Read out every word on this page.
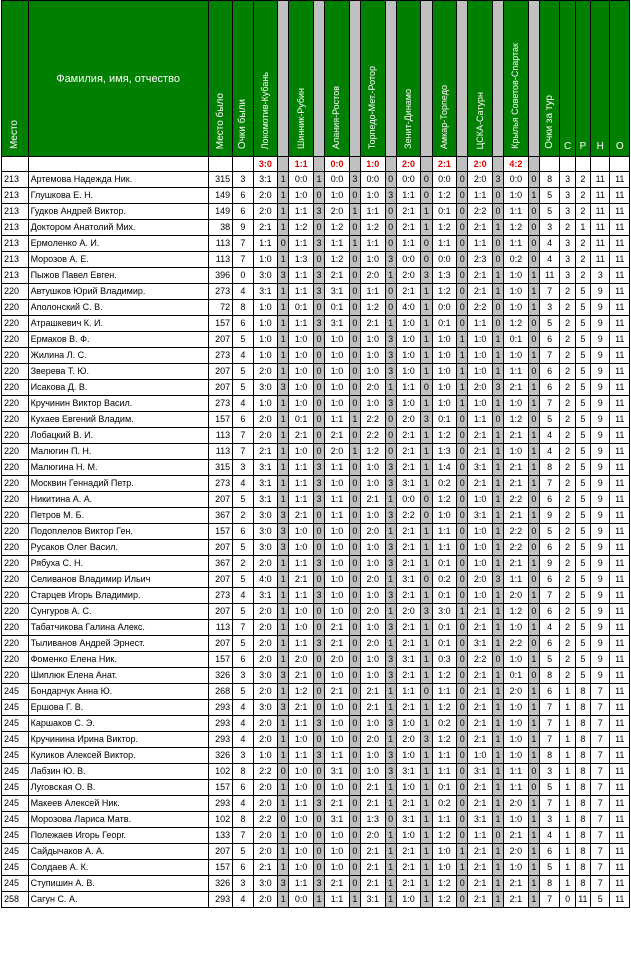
Место	Фамилия, имя, отчество	Место было	Очки были	Локомотив-Кубань		Шинник-Рубин		Алания-Ростов		Торпедо-Мет.-Ротор		Зенит-Динамо		Амкар-Торпедо		ЦСКА-Сатурн		Крылья Советов-Спартак		Очки за тур	С	Р	Н	О
				3:0		1:1		0:0		1:0		2:0		2:1		2:0		4:2						
213	Артемова Надежда Ник.	315	3	3:1	1	0:0	1	0:0	3	0:0	0	0:0	0	0:0	0	2:0	3	0:0	0	8	3	2	11	11
213	Глушкова Е. Н.	149	6	2:0	1	1:0	0	1:0	0	1:0	3	1:1	0	1:2	0	1:1	0	1:0	1	5	3	2	11	11
213	Гудков Андрей Виктор.	149	6	2:0	1	1:1	3	2:0	1	1:1	0	2:1	1	0:1	0	2:2	0	1:1	0	5	3	2	11	11
213	Доктором Анатолий Мих.	38	9	2:1	1	1:2	0	1:2	0	1:2	0	2:1	1	1:2	0	2:1	1	1:2	0	3	2	1	11	11
213	Ермоленко А. И.	113	7	1:1	0	1:1	3	1:1	1	1:1	0	1:1	0	1:1	0	1:1	0	1:1	0	4	3	2	11	11
213	Морозов А. Е.	113	7	1:0	1	1:3	0	1:2	0	1:0	3	0:0	0	0:0	0	2:3	0	0:2	0	4	3	2	11	11
213	Пыжов Павел Евген.	396	0	3:0	3	1:1	3	2:1	0	2:0	1	2:0	3	1:3	0	2:1	1	1:0	1	11	3	2	3	11
220	Автушков Юрий Владимир.	273	4	3:1	1	1:1	3	3:1	0	1:1	0	2:1	1	1:2	0	2:1	1	1:0	1	7	2	5	9	11
220	Аполонский С. В.	72	8	1:0	1	0:1	0	0:1	0	1:2	0	4:0	1	0:0	0	2:2	0	1:0	1	3	2	5	9	11
220	Атрашкевич К. И.	157	6	1:0	1	1:1	3	3:1	0	2:1	1	1:0	1	0:1	0	1:1	0	1:2	0	5	2	5	9	11
220	Ермаков В. Ф.	207	5	1:0	1	1:0	0	1:0	0	1:0	3	1:0	1	1:0	1	1:0	1	0:1	0	6	2	5	9	11
220	Жилина Л. С.	273	4	1:0	1	1:0	0	1:0	0	1:0	3	1:0	1	1:0	1	1:0	1	1:0	1	7	2	5	9	11
220	Зверева Т. Ю.	207	5	2:0	1	1:0	0	1:0	0	1:0	3	1:0	1	1:0	1	1:0	1	1:1	0	6	2	5	9	11
220	Исакова Д. В.	207	5	3:0	3	1:0	0	1:0	0	2:0	1	1:1	0	1:0	1	2:0	3	2:1	1	6	2	5	9	11
220	Кручинин Виктор Васил.	273	4	1:0	1	1:0	0	1:0	0	1:0	3	1:0	1	1:0	1	1:0	1	1:0	1	7	2	5	9	11
220	Кухаев Евгений Владим.	157	6	2:0	1	0:1	0	1:1	1	2:2	0	2:0	3	0:1	0	1:1	0	1:2	0	5	2	5	9	11
220	Лобацкий В. И.	113	7	2:0	1	2:1	0	2:1	0	2:2	0	2:1	1	1:2	0	2:1	1	2:1	1	4	2	5	9	11
220	Малюгин П. Н.	113	7	2:1	1	1:0	0	2:0	1	1:2	0	2:1	1	1:3	0	2:1	1	1:0	1	4	2	5	9	11
220	Малюгина Н. М.	315	3	3:1	1	1:1	3	1:1	0	1:0	3	2:1	1	1:4	0	3:1	1	2:1	1	8	2	5	9	11
220	Москвин Геннадий Петр.	273	4	3:1	1	1:1	3	1:0	0	1:0	3	3:1	1	0:2	0	2:1	1	2:1	1	7	2	5	9	11
220	Никитина А. А.	207	5	3:1	1	1:1	3	1:1	0	2:1	1	0:0	0	1:2	0	1:0	1	2:2	0	6	2	5	9	11
220	Петров М. Б.	367	2	3:0	3	2:1	0	1:1	0	1:0	3	2:2	0	1:0	0	3:1	1	2:1	1	9	2	5	9	11
220	Подоплелов Виктор Ген.	157	6	3:0	3	1:0	0	1:0	0	2:0	1	2:1	1	1:1	0	1:0	1	2:2	0	5	2	5	9	11
220	Русаков Олег Васил.	207	5	3:0	3	1:0	0	1:0	0	1:0	3	2:1	1	1:1	0	1:0	1	2:2	0	6	2	5	9	11
220	Рябуха С. Н.	367	2	2:0	1	1:1	3	1:0	0	1:0	3	2:1	1	0:1	0	1:0	1	2:1	1	9	2	5	9	11
220	Селиванов Владимир Ильич	207	5	4:0	1	2:1	0	1:0	0	2:0	1	3:1	0	0:2	0	2:0	3	1:1	0	6	2	5	9	11
220	Старцев Игорь Владимир.	273	4	3:1	1	1:1	3	1:0	0	1:0	3	2:1	1	0:1	0	1:0	1	2:0	1	7	2	5	9	11
220	Сунгуров А. С.	207	5	2:0	1	1:0	0	1:0	0	2:0	1	2:0	3	3:0	1	2:1	1	1:2	0	6	2	5	9	11
220	Табатчикова Галина Алекс.	113	7	2:0	1	1:0	0	2:1	0	1:0	3	2:1	1	0:1	0	2:1	1	1:0	1	4	2	5	9	11
220	Тыливанов Андрей Эрнест.	207	5	2:0	1	1:1	3	2:1	0	2:0	1	2:1	1	0:1	0	3:1	1	2:2	0	6	2	5	9	11
220	Фоменко Елена Ник.	157	6	2:0	1	2:0	0	2:0	0	1:0	3	3:1	1	0:3	0	2:2	0	1:0	1	5	2	5	9	11
220	Шиплюк Елена Анат.	326	3	3:0	3	2:1	0	1:0	0	1:0	3	2:1	1	1:2	0	2:1	1	0:1	0	8	2	5	9	11
245	Бондарчук Анна Ю.	268	5	2:0	1	1:2	0	2:1	0	2:1	1	1:1	0	1:1	0	2:1	1	2:0	1	6	1	8	7	11
245	Ершова Г. В.	293	4	3:0	3	2:1	0	1:0	0	2:1	1	2:1	1	1:2	0	2:1	1	1:0	1	7	1	8	7	11
245	Каршаков С. Э.	293	4	2:0	1	1:1	3	1:0	0	1:0	3	1:0	1	0:2	0	2:1	1	1:0	1	7	1	8	7	11
245	Кручинина Ирина Виктор.	293	4	2:0	1	1:0	0	1:0	0	2:0	1	2:0	3	1:2	0	2:1	1	1:0	1	7	1	8	7	11
245	Куликов Алексей Виктор.	326	3	1:0	1	1:1	3	1:1	0	1:0	3	1:0	1	1:1	0	1:0	1	1:0	1	8	1	8	7	11
245	Лабзин Ю. В.	102	8	2:2	0	1:0	0	3:1	0	1:0	3	3:1	1	1:1	0	3:1	1	1:1	0	3	1	8	7	11
245	Луговская О. В.	157	6	2:0	1	1:0	0	1:0	0	2:1	1	1:0	1	0:1	0	2:1	1	1:1	0	5	1	8	7	11
245	Макеев Алексей Ник.	293	4	2:0	1	1:1	3	2:1	0	2:1	1	2:1	1	0:2	0	2:1	1	2:0	1	7	1	8	7	11
245	Морозова Лариса Матв.	102	8	2:2	0	1:0	0	3:1	0	1:3	0	3:1	1	1:1	0	3:1	1	1:0	1	3	1	8	7	11
245	Полежаев Игорь Георг.	133	7	2:0	1	1:0	0	1:0	0	2:0	1	1:0	1	1:2	0	1:1	0	2:1	1	4	1	8	7	11
245	Сайдычаков А. А.	207	5	2:0	1	1:0	0	1:0	0	2:1	1	2:1	1	1:0	1	2:1	1	2:0	1	6	1	8	7	11
245	Солдаев А. К.	157	6	2:1	1	1:0	0	1:0	0	2:1	1	2:1	1	1:0	1	2:1	1	1:0	1	5	1	8	7	11
245	Ступишин А. В.	326	3	3:0	3	1:1	3	2:1	0	2:1	1	2:1	1	1:2	0	2:1	1	2:1	1	8	1	8	7	11
258	Сагун С. А.	293	4	2:0	1	0:0	1	1:1	1	3:1	1	1:0	1	1:2	0	2:1	1	2:1	1	7	0	11	5	11
